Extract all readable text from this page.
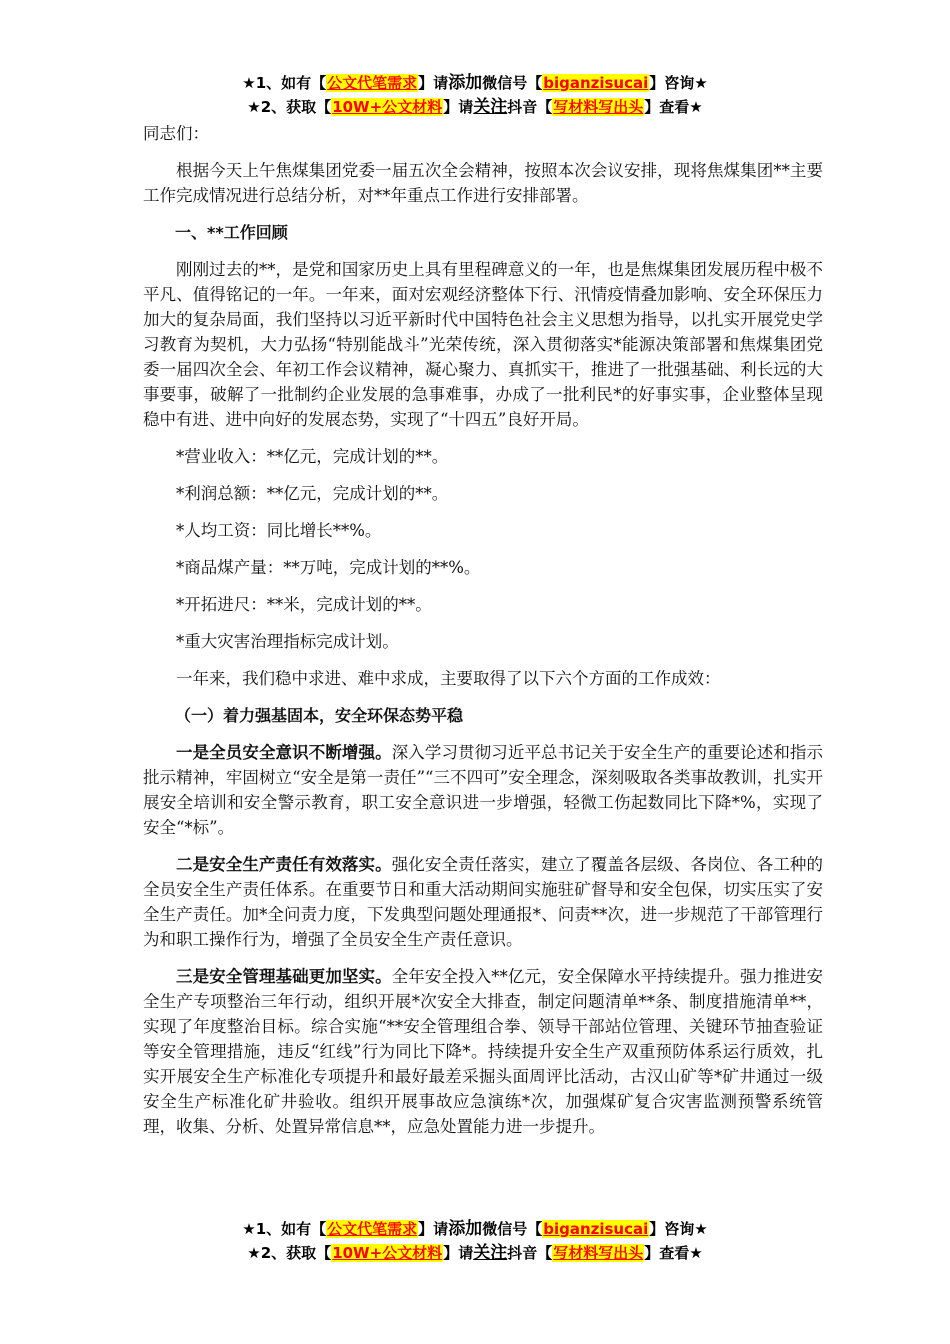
★1、如有【公文代笔需求】请添加微信号【biganzisucai】咨询★
★2、获取【10W+公文材料】请关注抖音【写材料写出头】查看★

同志们：

根据今天上午焦煤集团党委一届五次全会精神，按照本次会议安排，现将焦煤集团**主要工作完成情况进行总结分析，对**年重点工作进行安排部署。

一、**工作回顾

刚刚过去的**，是党和国家历史上具有里程碑意义的一年，也是焦煤集团发展历程中极不平凡、值得铭记的一年。一年来，面对宏观经济整体下行、汛情疫情叠加影响、安全环保压力加大的复杂局面，我们坚持以习近平新时代中国特色社会主义思想为指导，以扎实开展党史学习教育为契机，大力弘扬“特别能战斗”光荣传统，深入贯彻落实*能源决策部署和焦煤集团党委一届四次全会、年初工作会议精神，凝心聚力、真抓实干，推进了一批强基础、利长远的大事要事，破解了一批制约企业发展的急事难事，办成了一批利民*的好事实事，企业整体呈现稳中有进、进中向好的发展态势，实现了“十四五”良好开局。

*营业收入：**亿元，完成计划的**。

*利润总额：**亿元，完成计划的**。

*人均工资：同比增长**%。

*商品煤产量：**万吨，完成计划的**%。

*开拓进尺：**米，完成计划的**。

*重大灾害治理指标完成计划。

一年来，我们稳中求进、难中求成，主要取得了以下六个方面的工作成效：

（一）着力强基固本，安全环保态势平稳

一是全员安全意识不断增强。深入学习贯彻习近平总书记关于安全生产的重要论述和指示批示精神，牢固树立“安全是第一责任”“三不四可”安全理念，深刻吸取各类事故教训，扎实开展安全培训和安全警示教育，职工安全意识进一步增强，轻微工伤起数同比下降*%，实现了安全“*标”。

二是安全生产责任有效落实。强化安全责任落实，建立了覆盖各层级、各岗位、各工种的全员安全生产责任体系。在重要节日和重大活动期间实施驻矿督导和安全包保，切实压实了安全生产责任。加*全问责力度，下发典型问题处理通报*、问责**次，进一步规范了干部管理行为和职工操作行为，增强了全员安全生产责任意识。

三是安全管理基础更加坚实。全年安全投入**亿元，安全保障水平持续提升。强力推进安全生产专项整治三年行动，组织开展*次安全大排查，制定问题清单**条、制度措施清单**，实现了年度整治目标。综合实施“**安全管理组合拳、领导干部站位管理、关键环节抽查验证等安全管理措施，违反“红线”行为同比下降*。持续提升安全生产双重预防体系运行质效，扎实开展安全生产标准化专项提升和最好最差采掘头面周评比活动，古汉山矿等*矿井通过一级安全生产标准化矿井验收。组织开展事故应急演练*次，加强煤矿复合灾害监测预警系统管理，收集、分析、处置异常信息**，应急处置能力进一步提升。

★1、如有【公文代笔需求】请添加微信号【biganzisucai】咨询★
★2、获取【10W+公文材料】请关注抖音【写材料写出头】查看★
